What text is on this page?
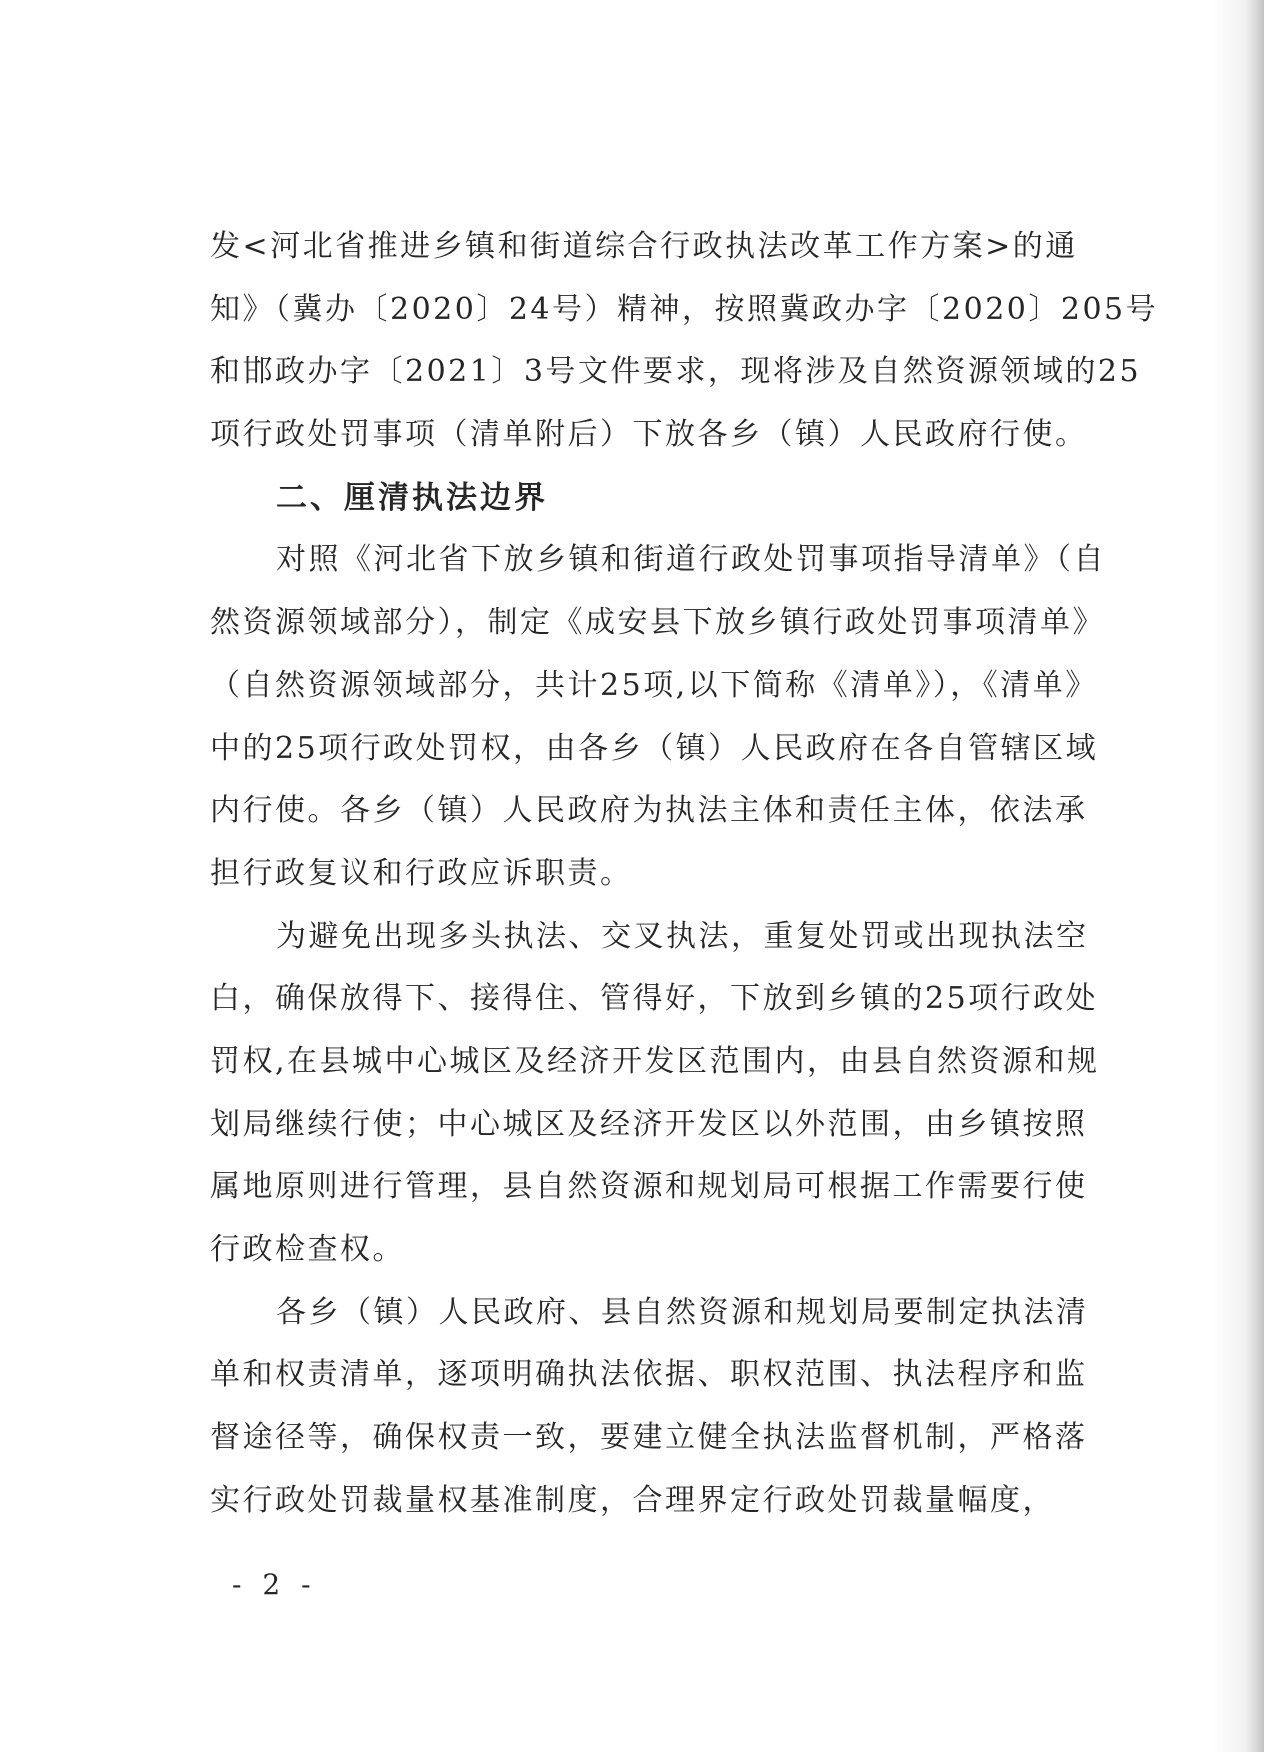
发<河北省推进乡镇和街道综合行政执法改革工作方案>的通
知》（冀办〔2020〕24号）精神，按照冀政办字〔2020〕205号
和邯政办字〔2021〕3号文件要求，现将涉及自然资源领域的25
项行政处罚事项（清单附后）下放各乡（镇）人民政府行使。
二、厘清执法边界
对照《河北省下放乡镇和街道行政处罚事项指导清单》（自
然资源领域部分），制定《成安县下放乡镇行政处罚事项清单》
（自然资源领域部分，共计25项,以下简称《清单》），《清单》
中的25项行政处罚权，由各乡（镇）人民政府在各自管辖区域
内行使。各乡（镇）人民政府为执法主体和责任主体，依法承
担行政复议和行政应诉职责。
为避免出现多头执法、交叉执法，重复处罚或出现执法空
白，确保放得下、接得住、管得好，下放到乡镇的25项行政处
罚权,在县城中心城区及经济开发区范围内，由县自然资源和规
划局继续行使；中心城区及经济开发区以外范围，由乡镇按照
属地原则进行管理，县自然资源和规划局可根据工作需要行使
行政检查权。
各乡（镇）人民政府、县自然资源和规划局要制定执法清
单和权责清单，逐项明确执法依据、职权范围、执法程序和监
督途径等，确保权责一致，要建立健全执法监督机制，严格落
实行政处罚裁量权基准制度，合理界定行政处罚裁量幅度，
- 2 -
